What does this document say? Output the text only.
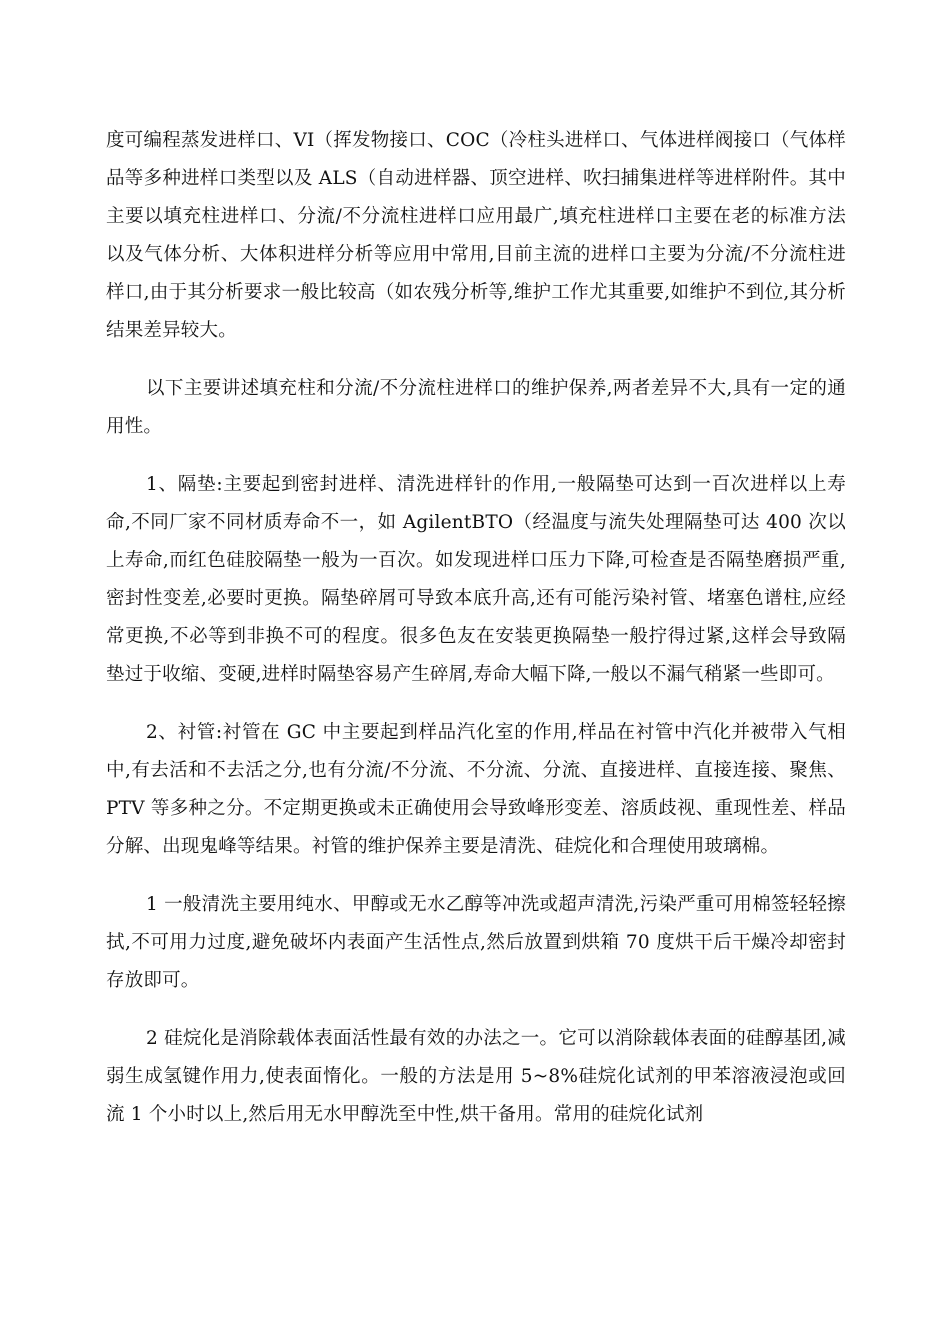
度可编程蒸发进样口、VI（挥发物接口、COC（冷柱头进样口、气体进样阀接口（气体样品等多种进样口类型以及 ALS（自动进样器、顶空进样、吹扫捕集进样等进样附件。其中主要以填充柱进样口、分流/不分流柱进样口应用最广,填充柱进样口主要在老的标准方法以及气体分析、大体积进样分析等应用中常用,目前主流的进样口主要为分流/不分流柱进样口,由于其分析要求一般比较高（如农残分析等,维护工作尤其重要,如维护不到位,其分析结果差异较大。

以下主要讲述填充柱和分流/不分流柱进样口的维护保养,两者差异不大,具有一定的通用性。

1、隔垫:主要起到密封进样、清洗进样针的作用,一般隔垫可达到一百次进样以上寿命,不同厂家不同材质寿命不一，如 AgilentBTO（经温度与流失处理隔垫可达 400 次以上寿命,而红色硅胶隔垫一般为一百次。如发现进样口压力下降,可检查是否隔垫磨损严重,密封性变差,必要时更换。隔垫碎屑可导致本底升高,还有可能污染衬管、堵塞色谱柱,应经常更换,不必等到非换不可的程度。很多色友在安装更换隔垫一般拧得过紧,这样会导致隔垫过于收缩、变硬,进样时隔垫容易产生碎屑,寿命大幅下降,一般以不漏气稍紧一些即可。

2、衬管:衬管在 GC 中主要起到样品汽化室的作用,样品在衬管中汽化并被带入气相中,有去活和不去活之分,也有分流/不分流、不分流、分流、直接进样、直接连接、聚焦、PTV 等多种之分。不定期更换或未正确使用会导致峰形变差、溶质歧视、重现性差、样品分解、出现鬼峰等结果。衬管的维护保养主要是清洗、硅烷化和合理使用玻璃棉。

1 一般清洗主要用纯水、甲醇或无水乙醇等冲洗或超声清洗,污染严重可用棉签轻轻擦拭,不可用力过度,避免破坏内表面产生活性点,然后放置到烘箱 70 度烘干后干燥冷却密封存放即可。

2 硅烷化是消除载体表面活性最有效的办法之一。它可以消除载体表面的硅醇基团,减弱生成氢键作用力,使表面惰化。一般的方法是用 5~8%硅烷化试剂的甲苯溶液浸泡或回流 1 个小时以上,然后用无水甲醇洗至中性,烘干备用。常用的硅烷化试剂
